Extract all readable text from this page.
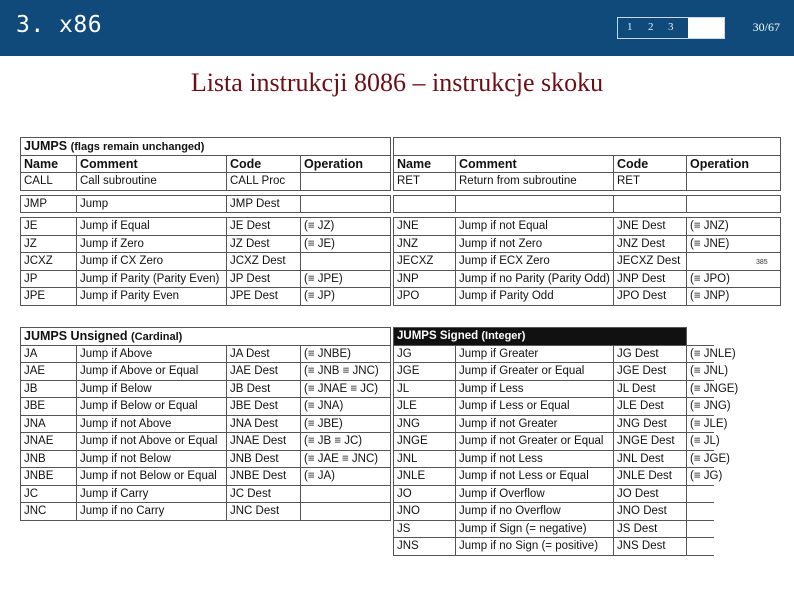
3. x86	1 2 3	30/67
Lista instrukcji 8086 – instrukcje skoku
JUMPS (flags remain unchanged)			
Name	Comment	Code	Operation
CALL	Call subroutine	CALL Proc	

JMP	Jump	JMP Dest	

JE	Jump if Equal	JE Dest	(≡ JZ)
JZ	Jump if Zero	JZ Dest	(≡ JE)
JCXZ	Jump if CX Zero	JCXZ Dest	
JP	Jump if Parity (Parity Even)	JP Dest	(≡ JPE)
JPE	Jump if Parity Even	JPE Dest	(≡ JP)

Name	Comment	Code	Operation
RET	Return from subroutine	RET	

JNE	Jump if not Equal	JNE Dest	(≡ JNZ)
JNZ	Jump if not Zero	JNZ Dest	(≡ JNE)
JECXZ	Jump if ECX Zero	JECXZ Dest	
JNP	Jump if no Parity (Parity Odd)	JNP Dest	(≡ JPO)
JPO	Jump if Parity Odd	JPO Dest	(≡ JNP)
JUMPS Unsigned (Cardinal)			
JA	Jump if Above	JA Dest	(≡ JNBE)
JAE	Jump if Above or Equal	JAE Dest	(≡ JNB ≡ JNC)
JB	Jump if Below	JB Dest	(≡ JNAE ≡ JC)
JBE	Jump if Below or Equal	JBE Dest	(≡ JNA)
JNA	Jump if not Above	JNA Dest	(≡ JBE)
JNAE	Jump if not Above or Equal	JNAE Dest	(≡ JB ≡ JC)
JNB	Jump if not Below	JNB Dest	(≡ JAE ≡ JNC)
JNBE	Jump if not Below or Equal	JNBE Dest	(≡ JA)
JC	Jump if Carry	JC Dest	
JNC	Jump if no Carry	JNC Dest	
JUMPS Signed (Integer)			
JG	Jump if Greater	JG Dest	(≡ JNLE)
JGE	Jump if Greater or Equal	JGE Dest	(≡ JNL)
JL	Jump if Less	JL Dest	(≡ JNGE)
JLE	Jump if Less or Equal	JLE Dest	(≡ JNG)
JNG	Jump if not Greater	JNG Dest	(≡ JLE)
JNGE	Jump if not Greater or Equal	JNGE Dest	(≡ JL)
JNL	Jump if not Less	JNL Dest	(≡ JGE)
JNLE	Jump if not Less or Equal	JNLE Dest	(≡ JG)
JO	Jump if Overflow	JO Dest	
JNO	Jump if no Overflow	JNO Dest	
JS	Jump if Sign (= negative)	JS Dest	
JNS	Jump if no Sign (= positive)	JNS Dest	
385
